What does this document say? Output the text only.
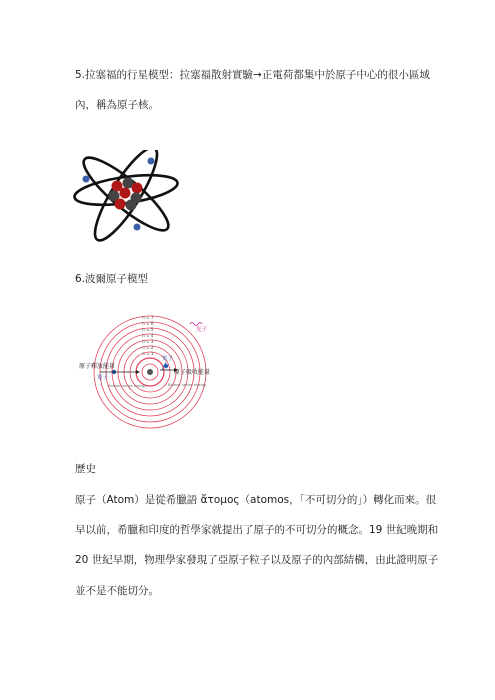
5.拉塞福的行星模型：拉塞福散射實驗→正電荷都集中於原子中心的很小區域
內，稱為原子核。
6.波爾原子模型
n = 7
n = 6
n = 5
n = 4
n = 3
n = 2
n = 1
光子
原子釋放能量
原子吸收能量
電子
電子
Balmer series energy	Balmer series energy
歷史
原子（Atom）是從希臘語 ἄτομος（atomos，「不可切分的」）轉化而來。很
早以前，希臘和印度的哲學家就提出了原子的不可切分的概念。19 世紀晚期和
20 世紀早期，物理學家發現了亞原子粒子以及原子的內部結構，由此證明原子
並不是不能切分。
